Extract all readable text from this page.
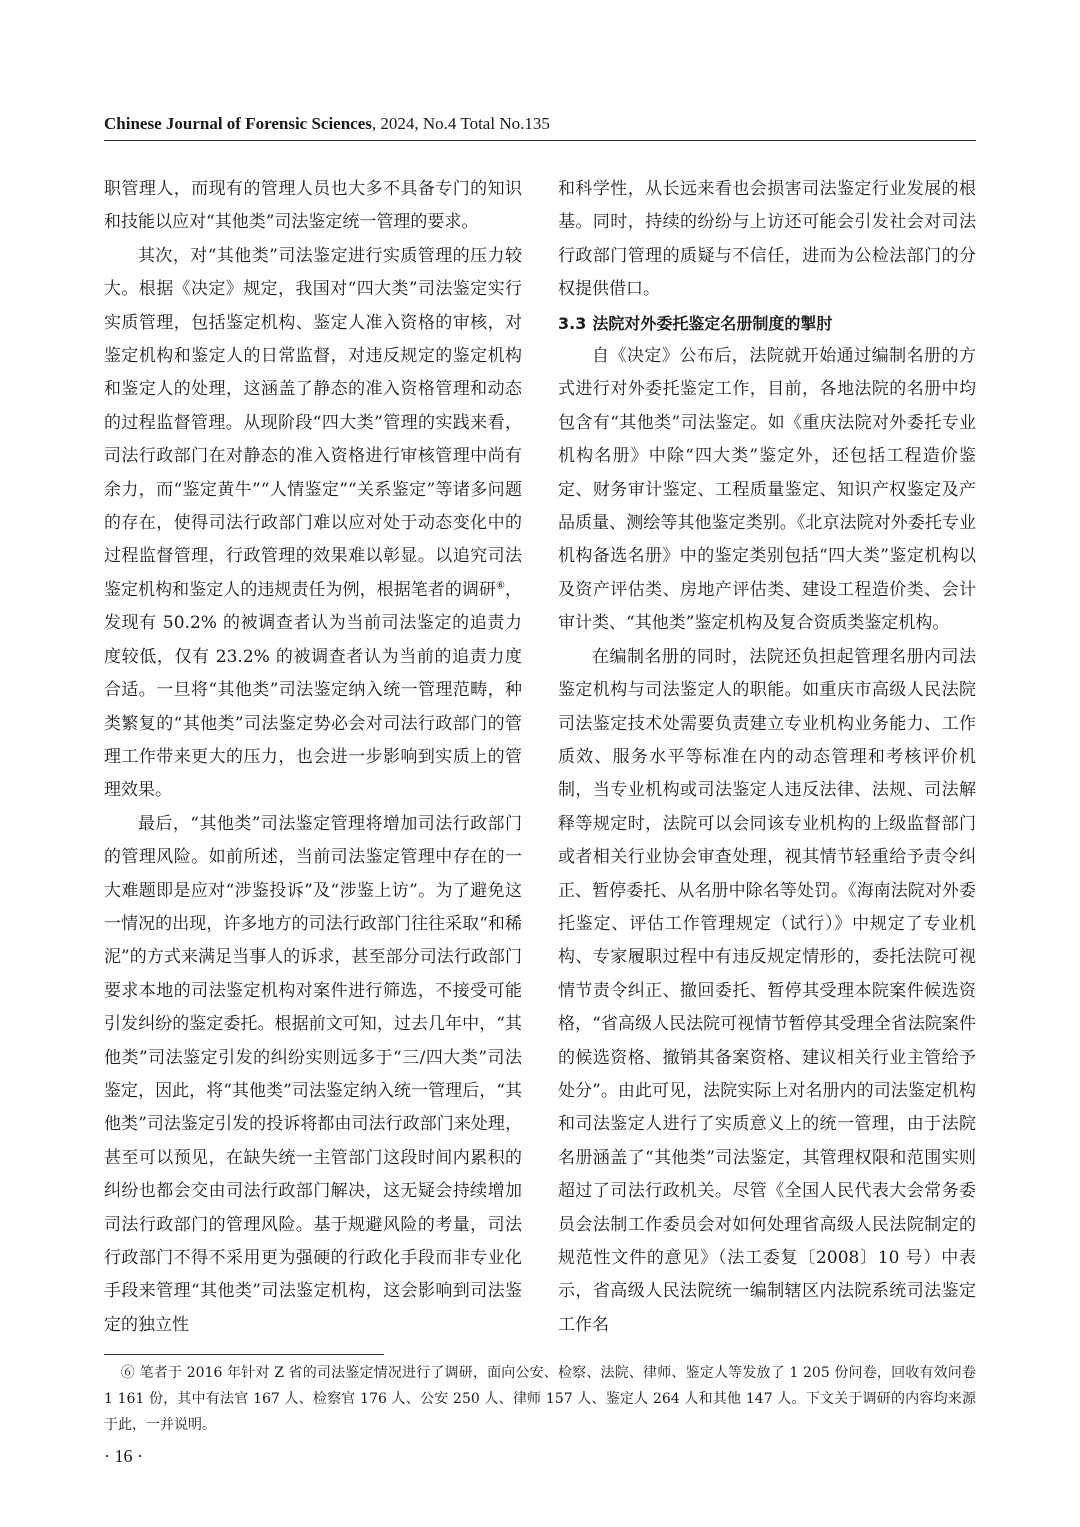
Chinese Journal of Forensic Sciences, 2024, No.4 Total No.135

职管理人，而现有的管理人员也大多不具备专门的知识和技能以应对“其他类”司法鉴定统一管理的要求。

其次，对“其他类”司法鉴定进行实质管理的压力较大。根据《决定》规定，我国对“四大类”司法鉴定实行实质管理，包括鉴定机构、鉴定人准入资格的审核，对鉴定机构和鉴定人的日常监督，对违反规定的鉴定机构和鉴定人的处理，这涵盖了静态的准入资格管理和动态的过程监督管理。从现阶段“四大类”管理的实践来看，司法行政部门在对静态的准入资格进行审核管理中尚有余力，而“鉴定黄牛”“人情鉴定”“关系鉴定”等诸多问题的存在，使得司法行政部门难以应对处于动态变化中的过程监督管理，行政管理的效果难以彰显。以追究司法鉴定机构和鉴定人的违规责任为例，根据笔者的调研⑥，发现有 50.2% 的被调查者认为当前司法鉴定的追责力度较低，仅有 23.2% 的被调查者认为当前的追责力度合适。一旦将“其他类”司法鉴定纳入统一管理范畴，种类繁复的“其他类”司法鉴定势必会对司法行政部门的管理工作带来更大的压力，也会进一步影响到实质上的管理效果。

最后，“其他类”司法鉴定管理将增加司法行政部门的管理风险。如前所述，当前司法鉴定管理中存在的一大难题即是应对“涉鉴投诉”及“涉鉴上访”。为了避免这一情况的出现，许多地方的司法行政部门往往采取“和稀泥”的方式来满足当事人的诉求，甚至部分司法行政部门要求本地的司法鉴定机构对案件进行筛选，不接受可能引发纠纷的鉴定委托。根据前文可知，过去几年中，“其他类”司法鉴定引发的纠纷实则远多于“三/四大类”司法鉴定，因此，将“其他类”司法鉴定纳入统一管理后，“其他类”司法鉴定引发的投诉将都由司法行政部门来处理，甚至可以预见，在缺失统一主管部门这段时间内累积的纠纷也都会交由司法行政部门解决，这无疑会持续增加司法行政部门的管理风险。基于规避风险的考量，司法行政部门不得不采用更为强硬的行政化手段而非专业化手段来管理“其他类”司法鉴定机构，这会影响到司法鉴定的独立性

和科学性，从长远来看也会损害司法鉴定行业发展的根基。同时，持续的纷纷与上访还可能会引发社会对司法行政部门管理的质疑与不信任，进而为公检法部门的分权提供借口。

3.3 法院对外委托鉴定名册制度的掣肘

自《决定》公布后，法院就开始通过编制名册的方式进行对外委托鉴定工作，目前，各地法院的名册中均包含有“其他类”司法鉴定。如《重庆法院对外委托专业机构名册》中除“四大类”鉴定外，还包括工程造价鉴定、财务审计鉴定、工程质量鉴定、知识产权鉴定及产品质量、测绘等其他鉴定类别。《北京法院对外委托专业机构备选名册》中的鉴定类别包括“四大类”鉴定机构以及资产评估类、房地产评估类、建设工程造价类、会计审计类、“其他类”鉴定机构及复合资质类鉴定机构。

在编制名册的同时，法院还负担起管理名册内司法鉴定机构与司法鉴定人的职能。如重庆市高级人民法院司法鉴定技术处需要负责建立专业机构业务能力、工作质效、服务水平等标准在内的动态管理和考核评价机制，当专业机构或司法鉴定人违反法律、法规、司法解释等规定时，法院可以会同该专业机构的上级监督部门或者相关行业协会审查处理，视其情节轻重给予责令纠正、暂停委托、从名册中除名等处罚。《海南法院对外委托鉴定、评估工作管理规定（试行）》中规定了专业机构、专家履职过程中有违反规定情形的，委托法院可视情节责令纠正、撤回委托、暂停其受理本院案件候选资格，“省高级人民法院可视情节暂停其受理全省法院案件的候选资格、撤销其备案资格、建议相关行业主管给予处分”。由此可见，法院实际上对名册内的司法鉴定机构和司法鉴定人进行了实质意义上的统一管理，由于法院名册涵盖了“其他类”司法鉴定，其管理权限和范围实则超过了司法行政机关。尽管《全国人民代表大会常务委员会法制工作委员会对如何处理省高级人民法院制定的规范性文件的意见》（法工委复〔2008〕10 号）中表示，省高级人民法院统一编制辖区内法院系统司法鉴定工作名

⑥ 笔者于 2016 年针对 Z 省的司法鉴定情况进行了调研，面向公安、检察、法院、律师、鉴定人等发放了 1 205 份问卷，回收有效问卷 1 161 份，其中有法官 167 人、检察官 176 人、公安 250 人、律师 157 人、鉴定人 264 人和其他 147 人。下文关于调研的内容均来源于此，一并说明。
· 16 ·
